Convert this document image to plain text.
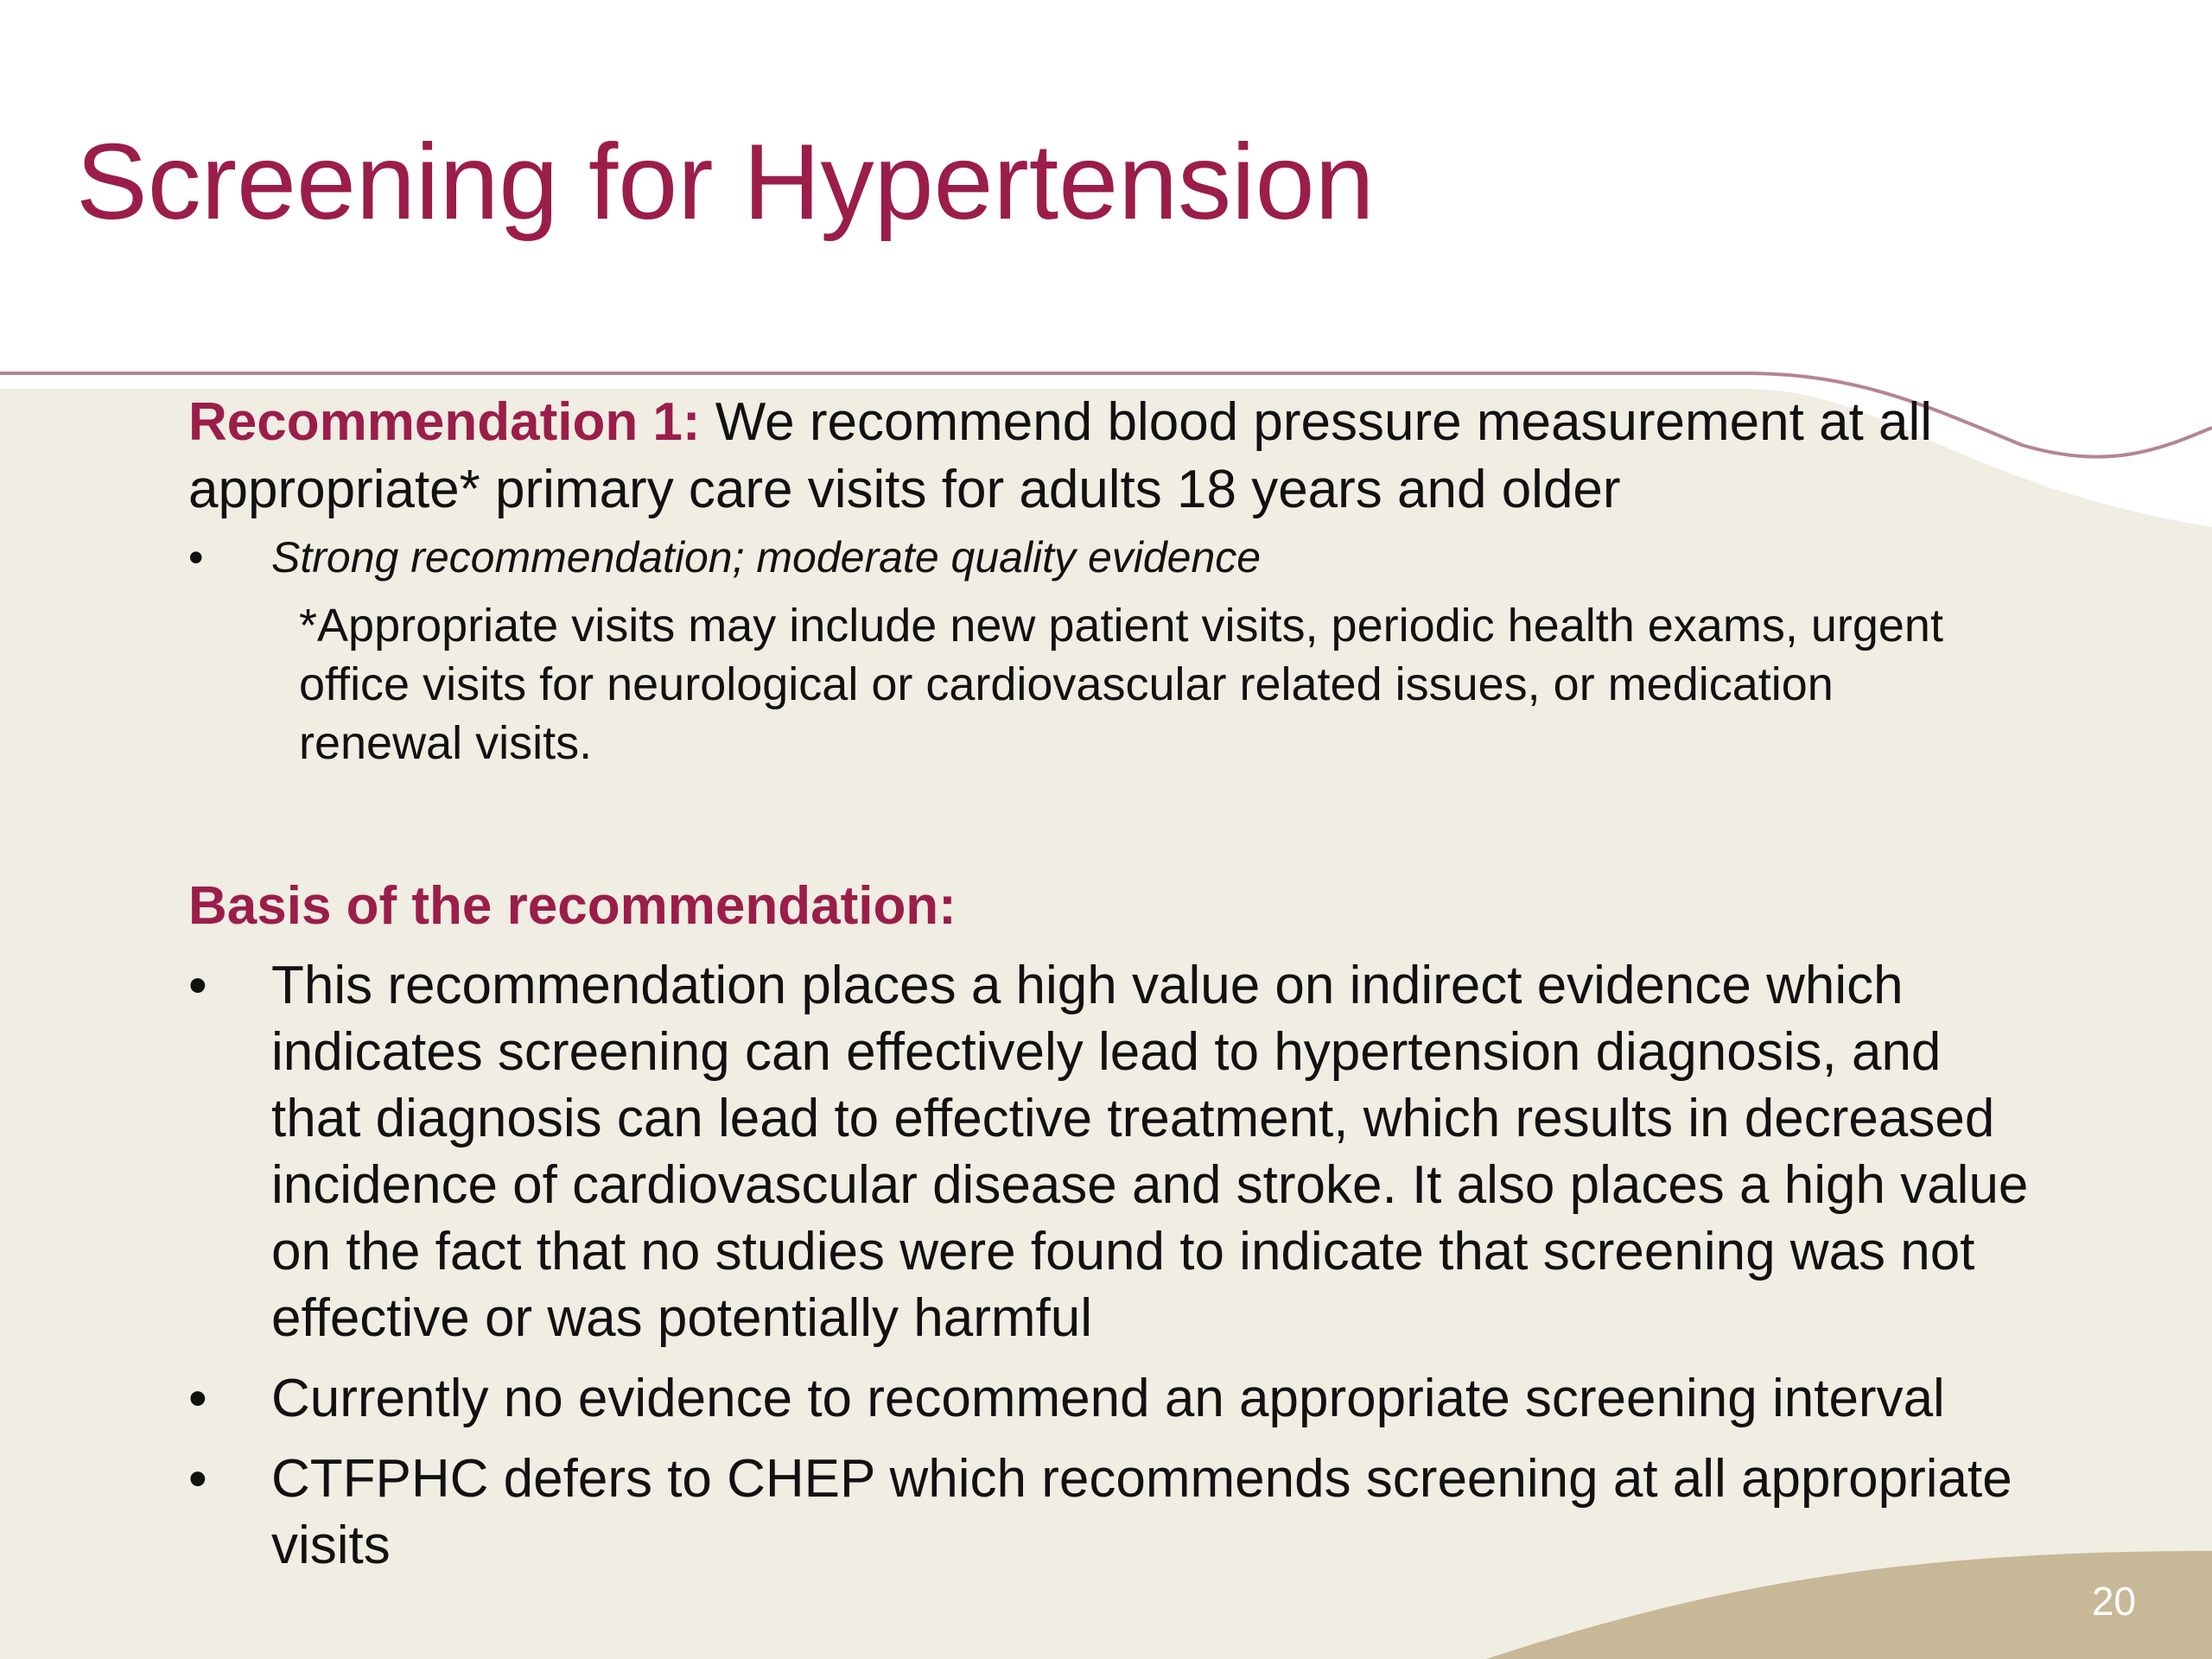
Screening for Hypertension
Recommendation 1: We recommend blood pressure measurement at all appropriate* primary care visits for adults 18 years and older
• Strong recommendation; moderate quality evidence
*Appropriate visits may include new patient visits, periodic health exams, urgent office visits for neurological or cardiovascular related issues, or medication renewal visits.
Basis of the recommendation:
• This recommendation places a high value on indirect evidence which indicates screening can effectively lead to hypertension diagnosis, and that diagnosis can lead to effective treatment, which results in decreased incidence of cardiovascular disease and stroke. It also places a high value on the fact that no studies were found to indicate that screening was not effective or was potentially harmful
• Currently no evidence to recommend an appropriate screening interval
• CTFPHC defers to CHEP which recommends screening at all appropriate visits
20
